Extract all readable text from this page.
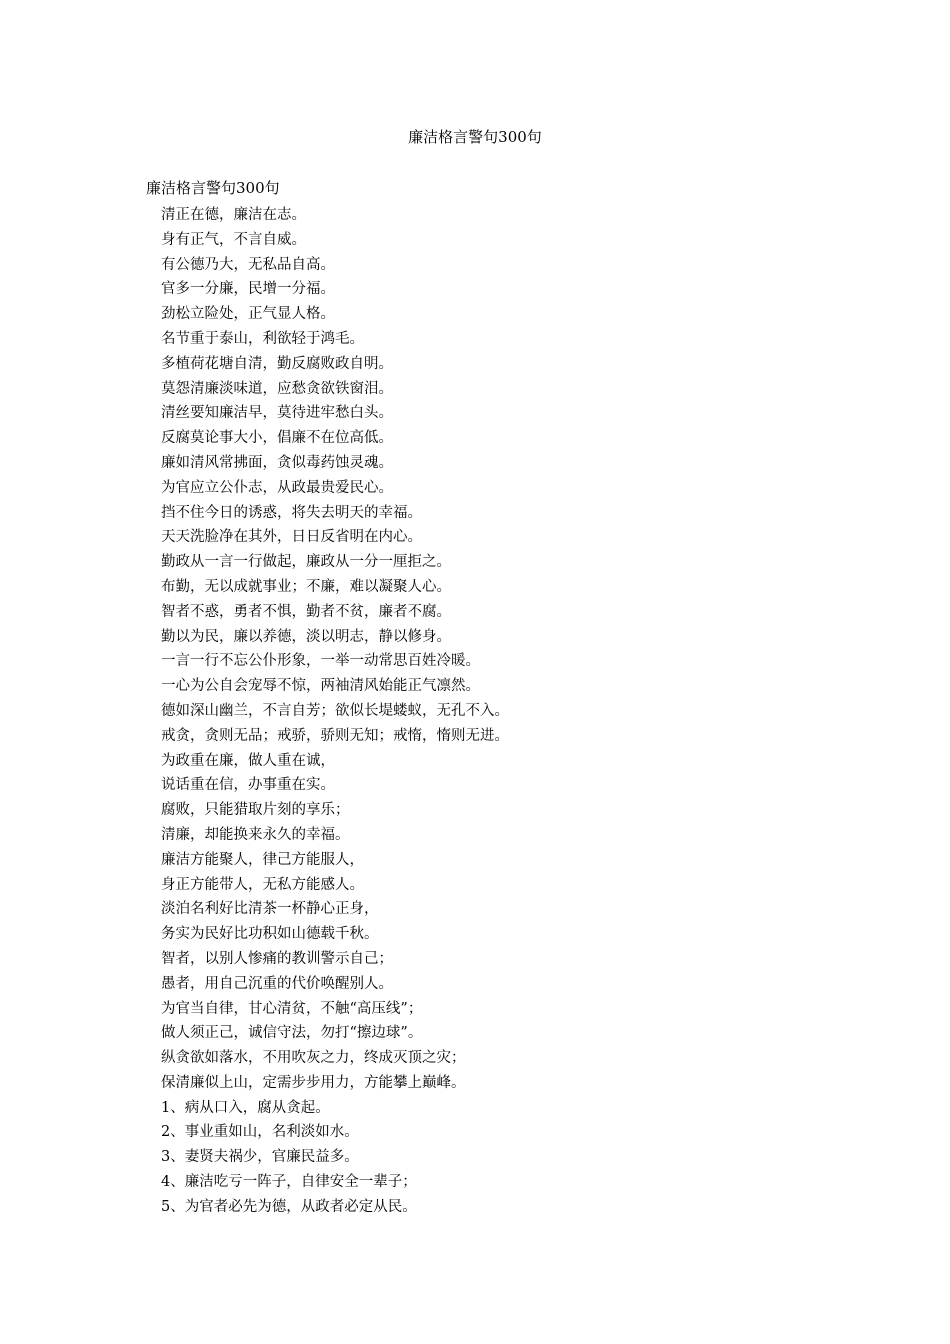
廉洁格言警句300句
廉洁格言警句300句
清正在德，廉洁在志。
身有正气，不言自威。
有公德乃大，无私品自高。
官多一分廉，民增一分福。
劲松立险处，正气显人格。
名节重于泰山，利欲轻于鸿毛。
多植荷花塘自清，勤反腐败政自明。
莫怨清廉淡味道，应愁贪欲铁窗泪。
清丝要知廉洁早，莫待进牢愁白头。
反腐莫论事大小，倡廉不在位高低。
廉如清风常拂面，贪似毒药蚀灵魂。
为官应立公仆志，从政最贵爱民心。
挡不住今日的诱惑，将失去明天的幸福。
天天洗脸净在其外，日日反省明在内心。
勤政从一言一行做起，廉政从一分一厘拒之。
布勤，无以成就事业；不廉，难以凝聚人心。
智者不惑，勇者不惧，勤者不贫，廉者不腐。
勤以为民，廉以养德，淡以明志，静以修身。
一言一行不忘公仆形象，一举一动常思百姓冷暖。
一心为公自会宠辱不惊，两袖清风始能正气凛然。
德如深山幽兰，不言自芳；欲似长堤蝼蚁，无孔不入。
戒贪，贪则无品；戒骄，骄则无知；戒惰，惰则无进。
为政重在廉，做人重在诚，
说话重在信，办事重在实。
腐败，只能猎取片刻的享乐；
清廉，却能换来永久的幸福。
廉洁方能聚人，律己方能服人，
身正方能带人，无私方能感人。
淡泊名利好比清茶一杯静心正身，
务实为民好比功积如山德载千秋。
智者，以别人惨痛的教训警示自己；
愚者，用自己沉重的代价唤醒别人。
为官当自律，甘心清贫，不触“高压线”；
做人须正己，诚信守法，勿打“擦边球”。
纵贪欲如落水，不用吹灰之力，终成灭顶之灾；
保清廉似上山，定需步步用力，方能攀上巅峰。
1、病从口入，腐从贪起。
2、事业重如山，名利淡如水。
3、妻贤夫祸少，官廉民益多。
4、廉洁吃亏一阵子，自律安全一辈子；
5、为官者必先为德，从政者必定从民。
